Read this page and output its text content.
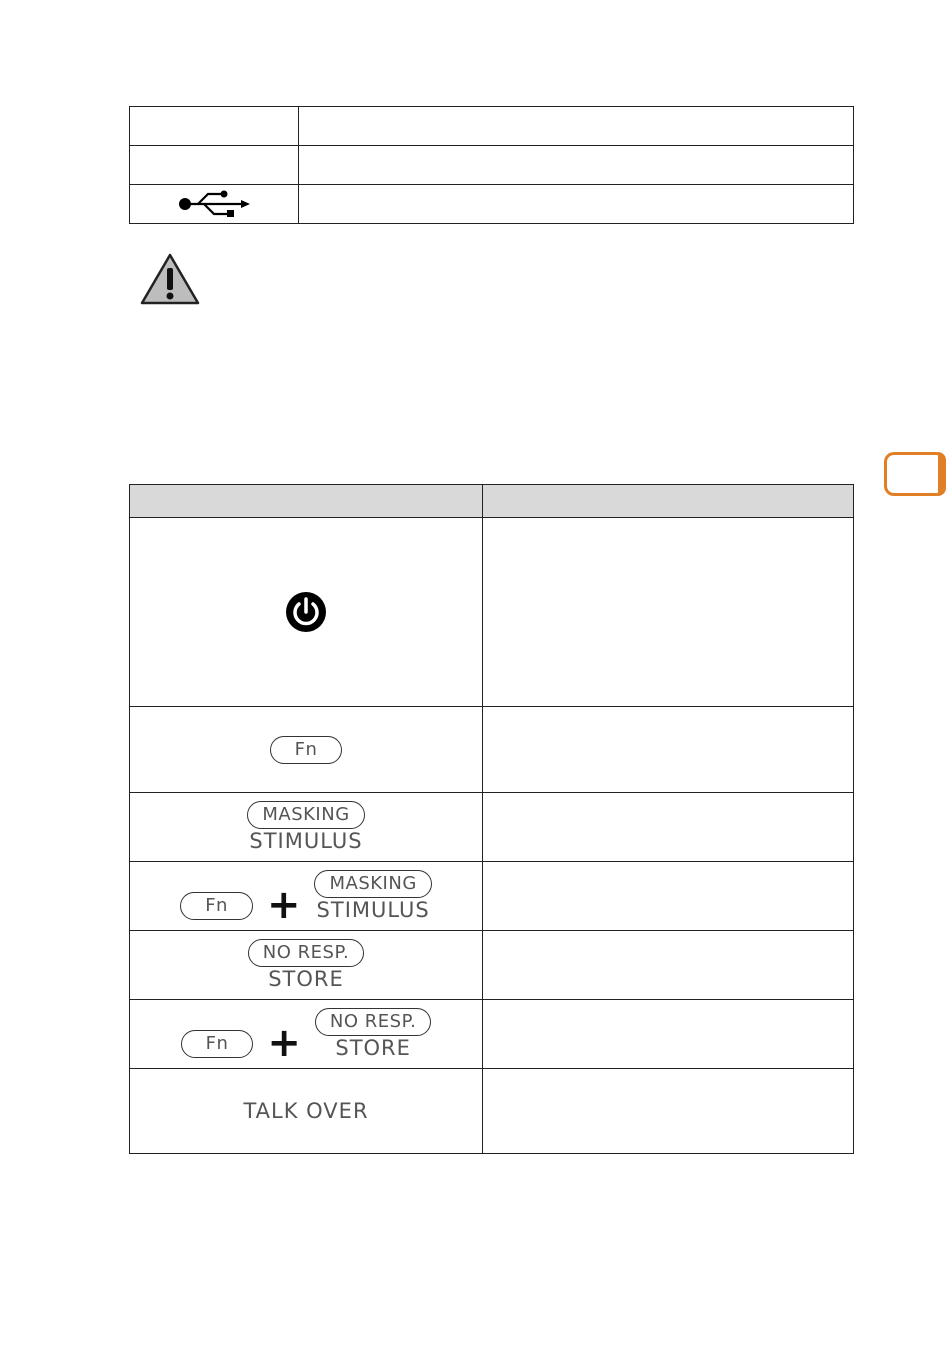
Fn	

MASKING
STIMULUS	

Fn + MASKING
STIMULUS	

NO RESP.
STORE	

Fn + NO RESP.
STORE	

TALK OVER	
